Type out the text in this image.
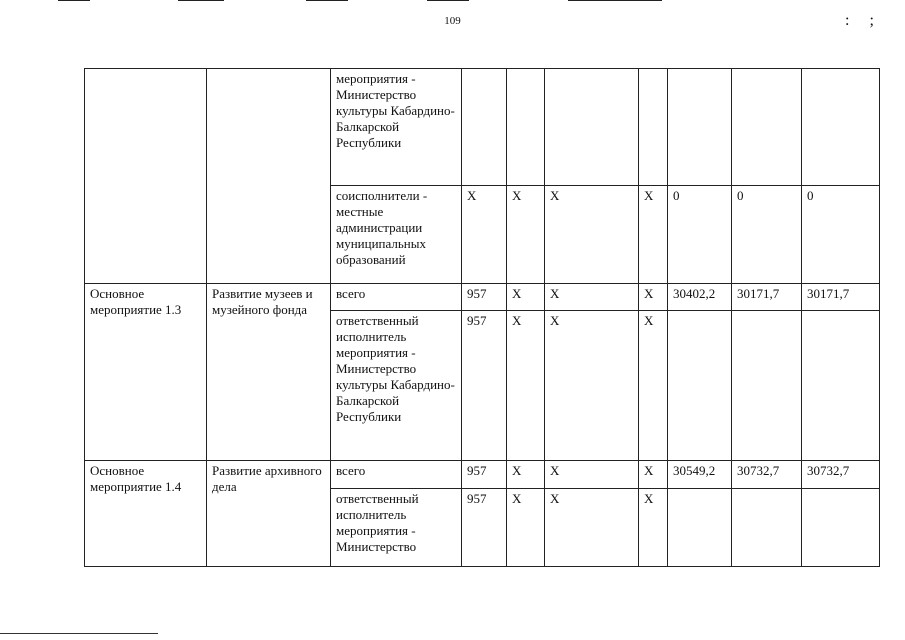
:;
109
		мероприятия - Министерство культуры Кабардино-Балкарской Республики							
		соисполнители - местные администрации муниципальных образований	X	X	X	X	0	0	0
Основное мероприятие 1.3	Развитие музеев и музейного фонда	всего	957	X	X	X	30402,2	30171,7	30171,7
		ответственный исполнитель мероприятия - Министерство культуры Кабардино-Балкарской Республики	957	X	X	X			
Основное мероприятие 1.4	Развитие архивного дела	всего	957	X	X	X	30549,2	30732,7	30732,7
		ответственный исполнитель мероприятия - Министерство	957	X	X	X			
